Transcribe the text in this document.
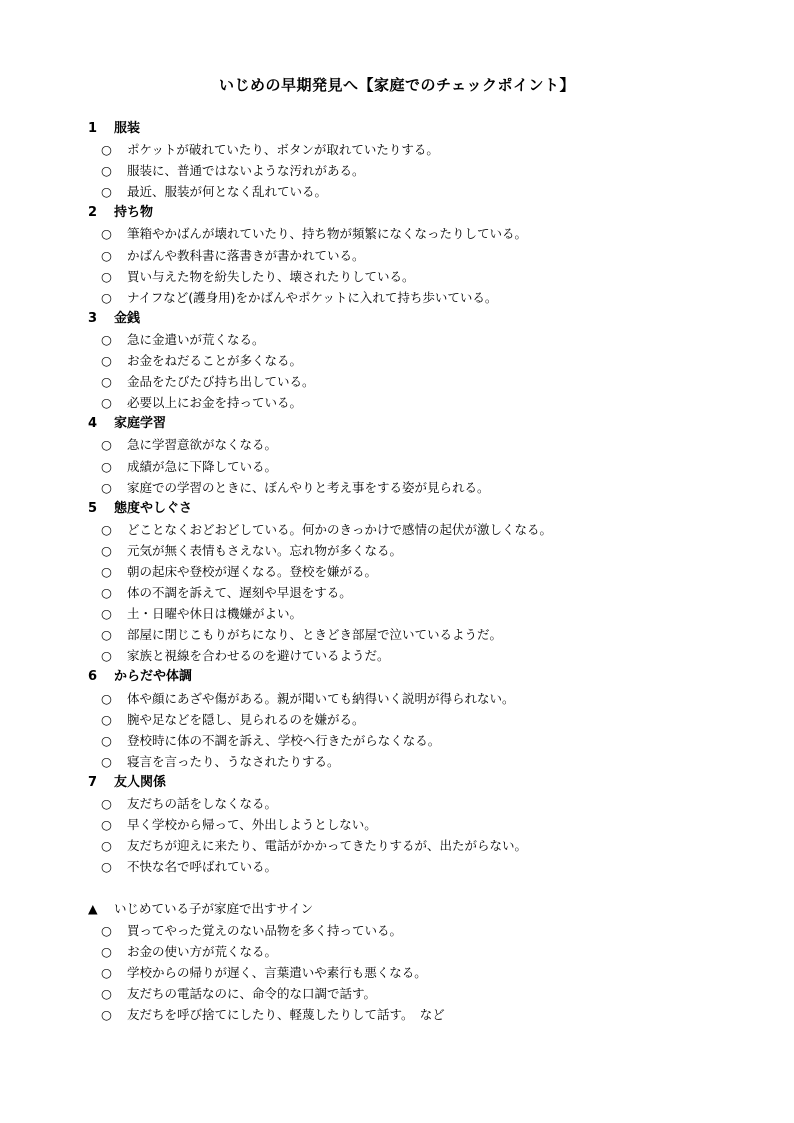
いじめの早期発見へ【家庭でのチェックポイント】
1 服装
○ ポケットが破れていたり、ボタンが取れていたりする。
○ 服装に、普通ではないような汚れがある。
○ 最近、服装が何となく乱れている。
2 持ち物
○ 筆箱やかばんが壊れていたり、持ち物が頻繁になくなったりしている。
○ かばんや教科書に落書きが書かれている。
○ 買い与えた物を紛失したり、壊されたりしている。
○ ナイフなど(護身用)をかばんやポケットに入れて持ち歩いている。
3 金銭
○ 急に金遣いが荒くなる。
○ お金をねだることが多くなる。
○ 金品をたびたび持ち出している。
○ 必要以上にお金を持っている。
4 家庭学習
○ 急に学習意欲がなくなる。
○ 成績が急に下降している。
○ 家庭での学習のときに、ぼんやりと考え事をする姿が見られる。
5 態度やしぐさ
○ どことなくおどおどしている。何かのきっかけで感情の起伏が激しくなる。
○ 元気が無く表情もさえない。忘れ物が多くなる。
○ 朝の起床や登校が遅くなる。登校を嫌がる。
○ 体の不調を訴えて、遅刻や早退をする。
○ 土・日曜や休日は機嫌がよい。
○ 部屋に閉じこもりがちになり、ときどき部屋で泣いているようだ。
○ 家族と視線を合わせるのを避けているようだ。
6 からだや体調
○ 体や顔にあざや傷がある。親が聞いても納得いく説明が得られない。
○ 腕や足などを隠し、見られるのを嫌がる。
○ 登校時に体の不調を訴え、学校へ行きたがらなくなる。
○ 寝言を言ったり、うなされたりする。
7 友人関係
○ 友だちの話をしなくなる。
○ 早く学校から帰って、外出しようとしない。
○ 友だちが迎えに来たり、電話がかかってきたりするが、出たがらない。
○ 不快な名で呼ばれている。
▲ いじめている子が家庭で出すサイン
○ 買ってやった覚えのない品物を多く持っている。
○ お金の使い方が荒くなる。
○ 学校からの帰りが遅く、言葉遣いや素行も悪くなる。
○ 友だちの電話なのに、命令的な口調で話す。
○ 友だちを呼び捨てにしたり、軽蔑したりして話す。　など
